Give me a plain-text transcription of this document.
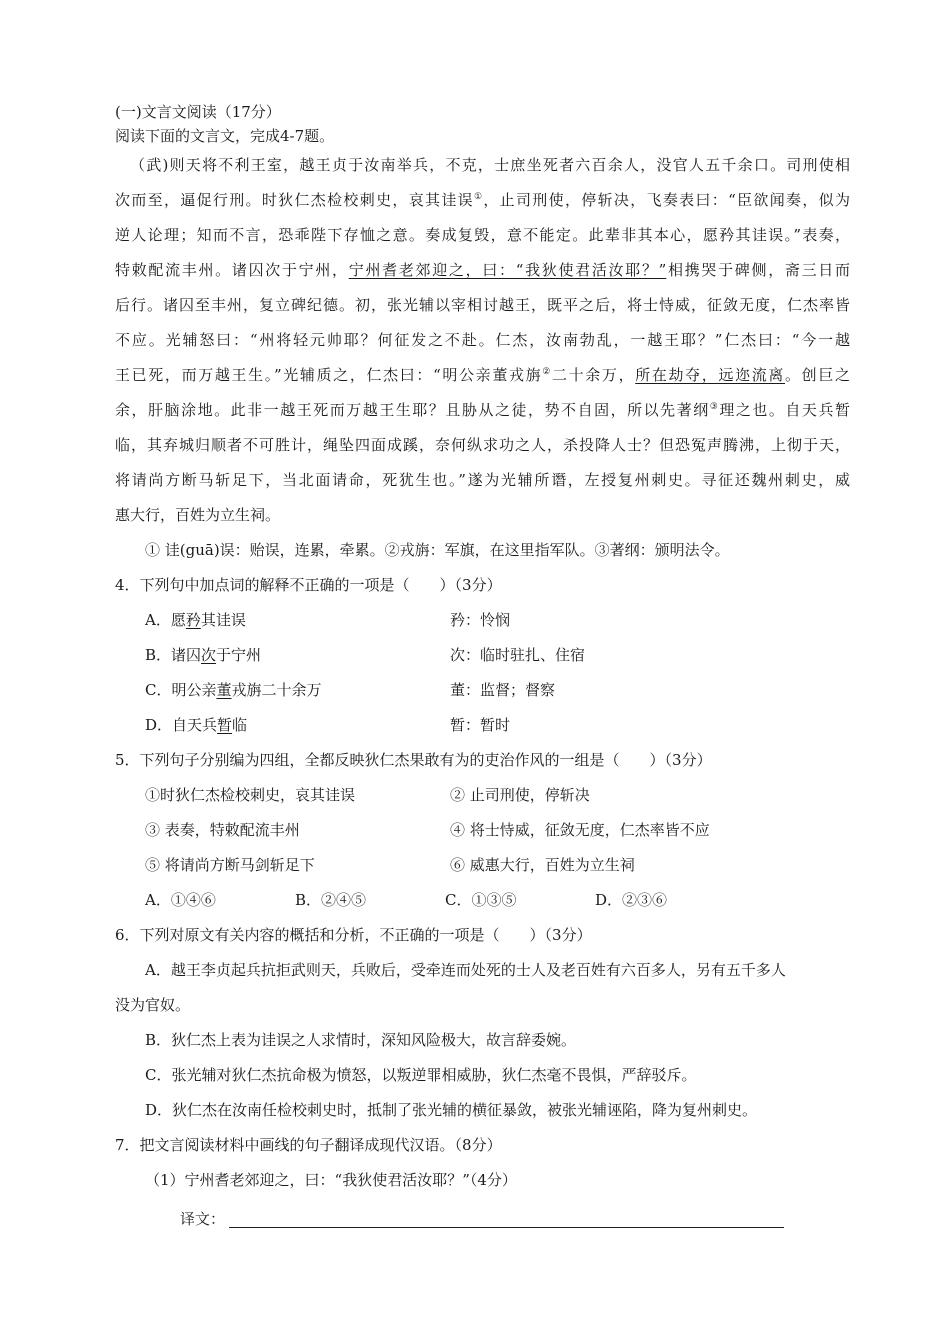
(一)文言文阅读（17分）
阅读下面的文言文，完成4-7题。
（武)则天将不利王室，越王贞于汝南举兵，不克，士庶坐死者六百余人，没官人五千余口。司刑使相
次而至，逼促行刑。时狄仁杰检校刺史，哀其诖误①，止司刑使，停斩决，飞奏表曰：“臣欲闻奏，似为
逆人论理；知而不言，恐乖陛下存恤之意。奏成复毁，意不能定。此辈非其本心，愿矜其诖误。”表奏，
特敕配流丰州。诸囚次于宁州，宁州耆老郊迎之，曰：“我狄使君活汝耶？”相携哭于碑侧，斋三日而
后行。诸囚至丰州，复立碑纪德。初，张光辅以宰相讨越王，既平之后，将士恃威，征敛无度，仁杰率皆
不应。光辅怒曰：“州将轻元帅耶？何征发之不赴。仁杰，汝南勃乱，一越王耶？”仁杰曰：“今一越
王已死，而万越王生。”光辅质之，仁杰曰：“明公亲董戎旃②二十余万，所在劫夺，远迩流离。创巨之
余，肝脑涂地。此非一越王死而万越王生耶？且胁从之徒，势不自固，所以先著纲③理之也。自天兵暂
临，其弃城归顺者不可胜计，绳坠四面成蹊，奈何纵求功之人，杀投降人士？但恐冤声腾沸，上彻于天，
将请尚方断马斩足下，当北面请命，死犹生也。”遂为光辅所谮，左授复州刺史。寻征还魏州刺史，威
惠大行，百姓为立生祠。
① 诖(guā)误：贻误，连累，牵累。②戎旃：军旗，在这里指军队。③著纲：颁明法令。
4．下列句中加点词的解释不正确的一项是（　　）（3分）
A．愿矜其诖误	矜：怜悯
B．诸囚次于宁州	次：临时驻扎、住宿
C．明公亲董戎旃二十余万	董：监督；督察
D．自天兵暂临	暂：暂时
5．下列句子分别编为四组，全都反映狄仁杰果敢有为的吏治作风的一组是（　　）（3分）
①时狄仁杰检校刺史，哀其诖误	② 止司刑使，停斩决
③ 表奏，特敕配流丰州	④ 将士恃威，征敛无度，仁杰率皆不应
⑤ 将请尚方断马剑斩足下	⑥ 威惠大行，百姓为立生祠
A．①④⑥	B．②④⑤	C．①③⑤	D．②③⑥
6．下列对原文有关内容的概括和分析，不正确的一项是（　　）（3分）
A．越王李贞起兵抗拒武则天，兵败后，受牵连而处死的士人及老百姓有六百多人，另有五千多人
没为官奴。
B．狄仁杰上表为诖误之人求情时，深知风险极大，故言辞委婉。
C．张光辅对狄仁杰抗命极为愤怒，以叛逆罪相威胁，狄仁杰毫不畏惧，严辞驳斥。
D．狄仁杰在汝南任检校刺史时，抵制了张光辅的横征暴敛，被张光辅诬陷，降为复州刺史。
7．把文言阅读材料中画线的句子翻译成现代汉语。（8分）
（1）宁州耆老郊迎之，曰：“我狄使君活汝耶？”（4分）
译文：
